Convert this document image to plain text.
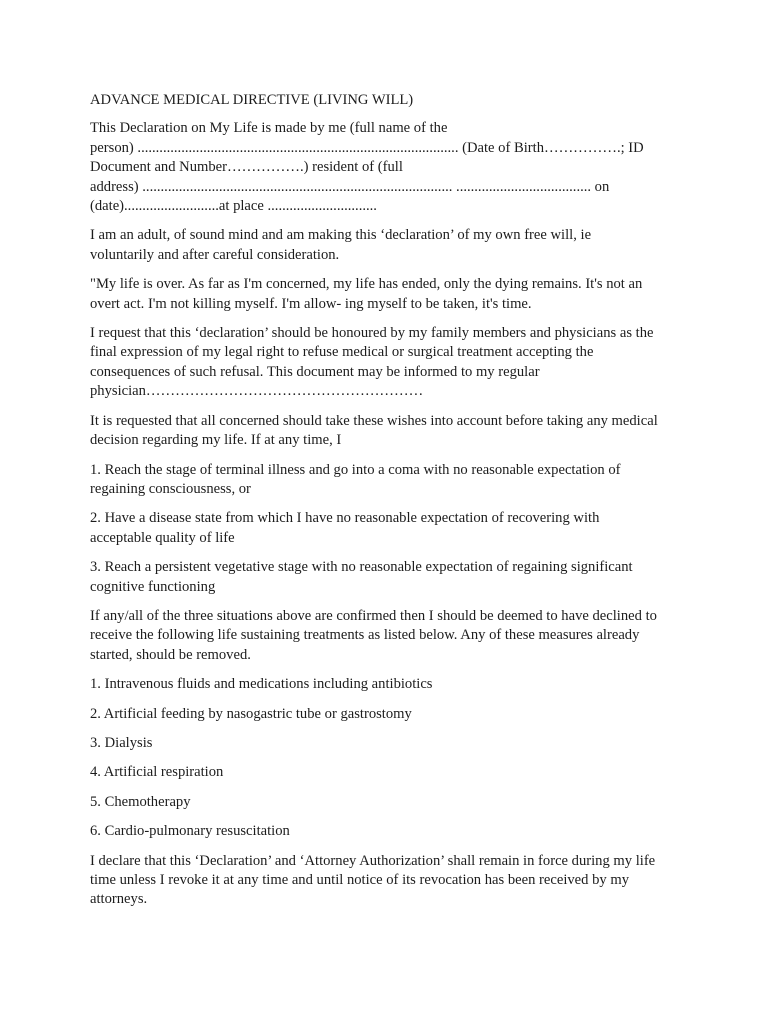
ADVANCE MEDICAL DIRECTIVE (LIVING WILL)

This Declaration on My Life is made by me (full name of the
person) ........................................................................................ (Date of Birth…………….; ID
Document and Number…………….) resident of (full
address) ..................................................................................... ..................................... on
(date)..........................at place ..............................

I am an adult, of sound mind and am making this ‘declaration’ of my own free will, ie
voluntarily and after careful consideration.

"My life is over. As far as I'm concerned, my life has ended, only the dying remains. It's not an
overt act. I'm not killing myself. I'm allow- ing myself to be taken, it's time.

I request that this ‘declaration’ should be honoured by my family members and physicians as the
final expression of my legal right to refuse medical or surgical treatment accepting the
consequences of such refusal. This document may be informed to my regular
physician…………………………………………………

It is requested that all concerned should take these wishes into account before taking any medical
decision regarding my life. If at any time, I

1. Reach the stage of terminal illness and go into a coma with no reasonable expectation of
regaining consciousness, or

2. Have a disease state from which I have no reasonable expectation of recovering with
acceptable quality of life

3. Reach a persistent vegetative stage with no reasonable expectation of regaining significant
cognitive functioning

If any/all of the three situations above are confirmed then I should be deemed to have declined to
receive the following life sustaining treatments as listed below. Any of these measures already
started, should be removed.

1. Intravenous fluids and medications including antibiotics

2. Artificial feeding by nasogastric tube or gastrostomy

3. Dialysis

4. Artificial respiration

5. Chemotherapy

6. Cardio-pulmonary resuscitation

I declare that this ‘Declaration’ and ‘Attorney Authorization’ shall remain in force during my life
time unless I revoke it at any time and until notice of its revocation has been received by my
attorneys.
